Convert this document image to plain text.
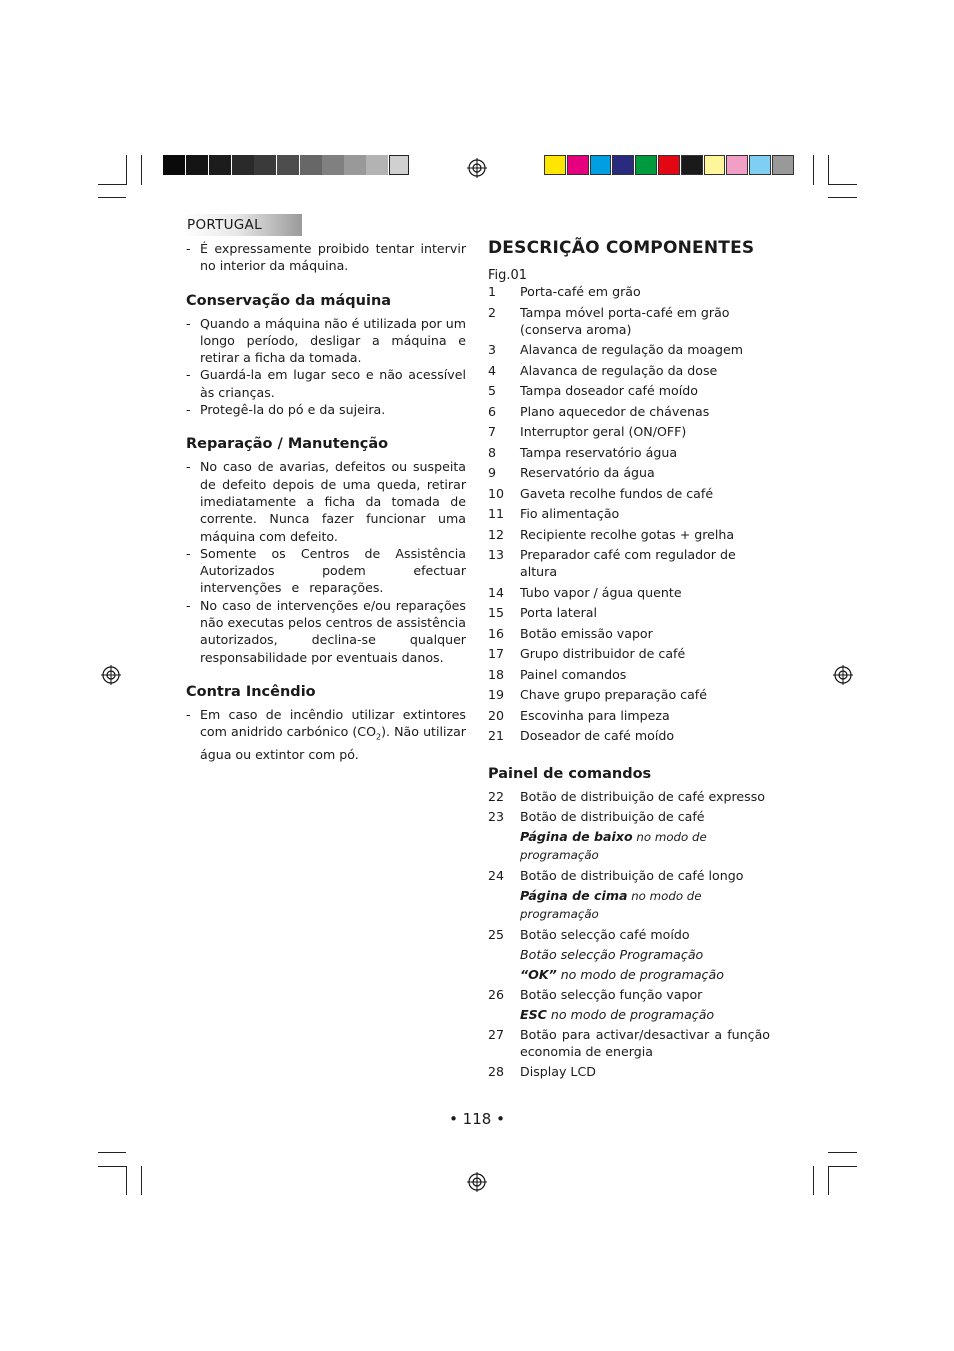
PORTUGAL

- É expressamente proibido tentar intervir no interior da máquina.

Conservação da máquina

- Quando a máquina não é utilizada por um longo período, desligar a máquina e retirar a ficha da tomada.

- Guardá-la em lugar seco e não acessível às crianças.

- Protegê-la do pó e da sujeira.

Reparação / Manutenção

- No caso de avarias, defeitos ou suspeita de defeito depois de uma queda, retirar imediatamente a ficha da tomada de corrente. Nunca fazer funcionar uma máquina com defeito.

- Somente os Centros de Assistência Autorizados podem efectuar intervenções e reparações.

- No caso de intervenções e/ou reparações não executas pelos centros de assistência autorizados, declina-se qualquer responsabilidade por eventuais danos.

Contra Incêndio

- Em caso de incêndio utilizar extintores com anidrido carbónico $(CO_2)$. Não utilizar água ou extintor com pó.

DESCRIÇÃO COMPONENTES

Fig.01

1 Porta-café em grão
2 Tampa móvel porta-café em grão (conserva aroma)
3 Alavanca de regulação da moagem
4 Alavanca de regulação da dose
5 Tampa doseador café moído
6 Plano aquecedor de chávenas
7 Interruptor geral (ON/OFF)
8 Tampa reservatório água
9 Reservatório da água
10 Gaveta recolhe fundos de café
11 Fio alimentação
12 Recipiente recolhe gotas + grelha
13 Preparador café com regulador de altura
14 Tubo vapor / água quente
15 Porta lateral
16 Botão emissão vapor
17 Grupo distribuidor de café
18 Painel comandos
19 Chave grupo preparação café
20 Escovinha para limpeza
21 Doseador de café moído
Painel de comandos
22 Botão de distribuição de café expresso
23 Botão de distribuição de café

Página de baixo no modo de programação

24 Botão de distribuição de café longo

Página de cima no modo de programação

25 Botão selecção café moído

Botão selecção Programação

“OK” no modo de programação

26 Botão selecção função vapor

ESC no modo de programação

27 Botão para activar/desactivar a função economia de energia
28 Display LCD
• 118 •
